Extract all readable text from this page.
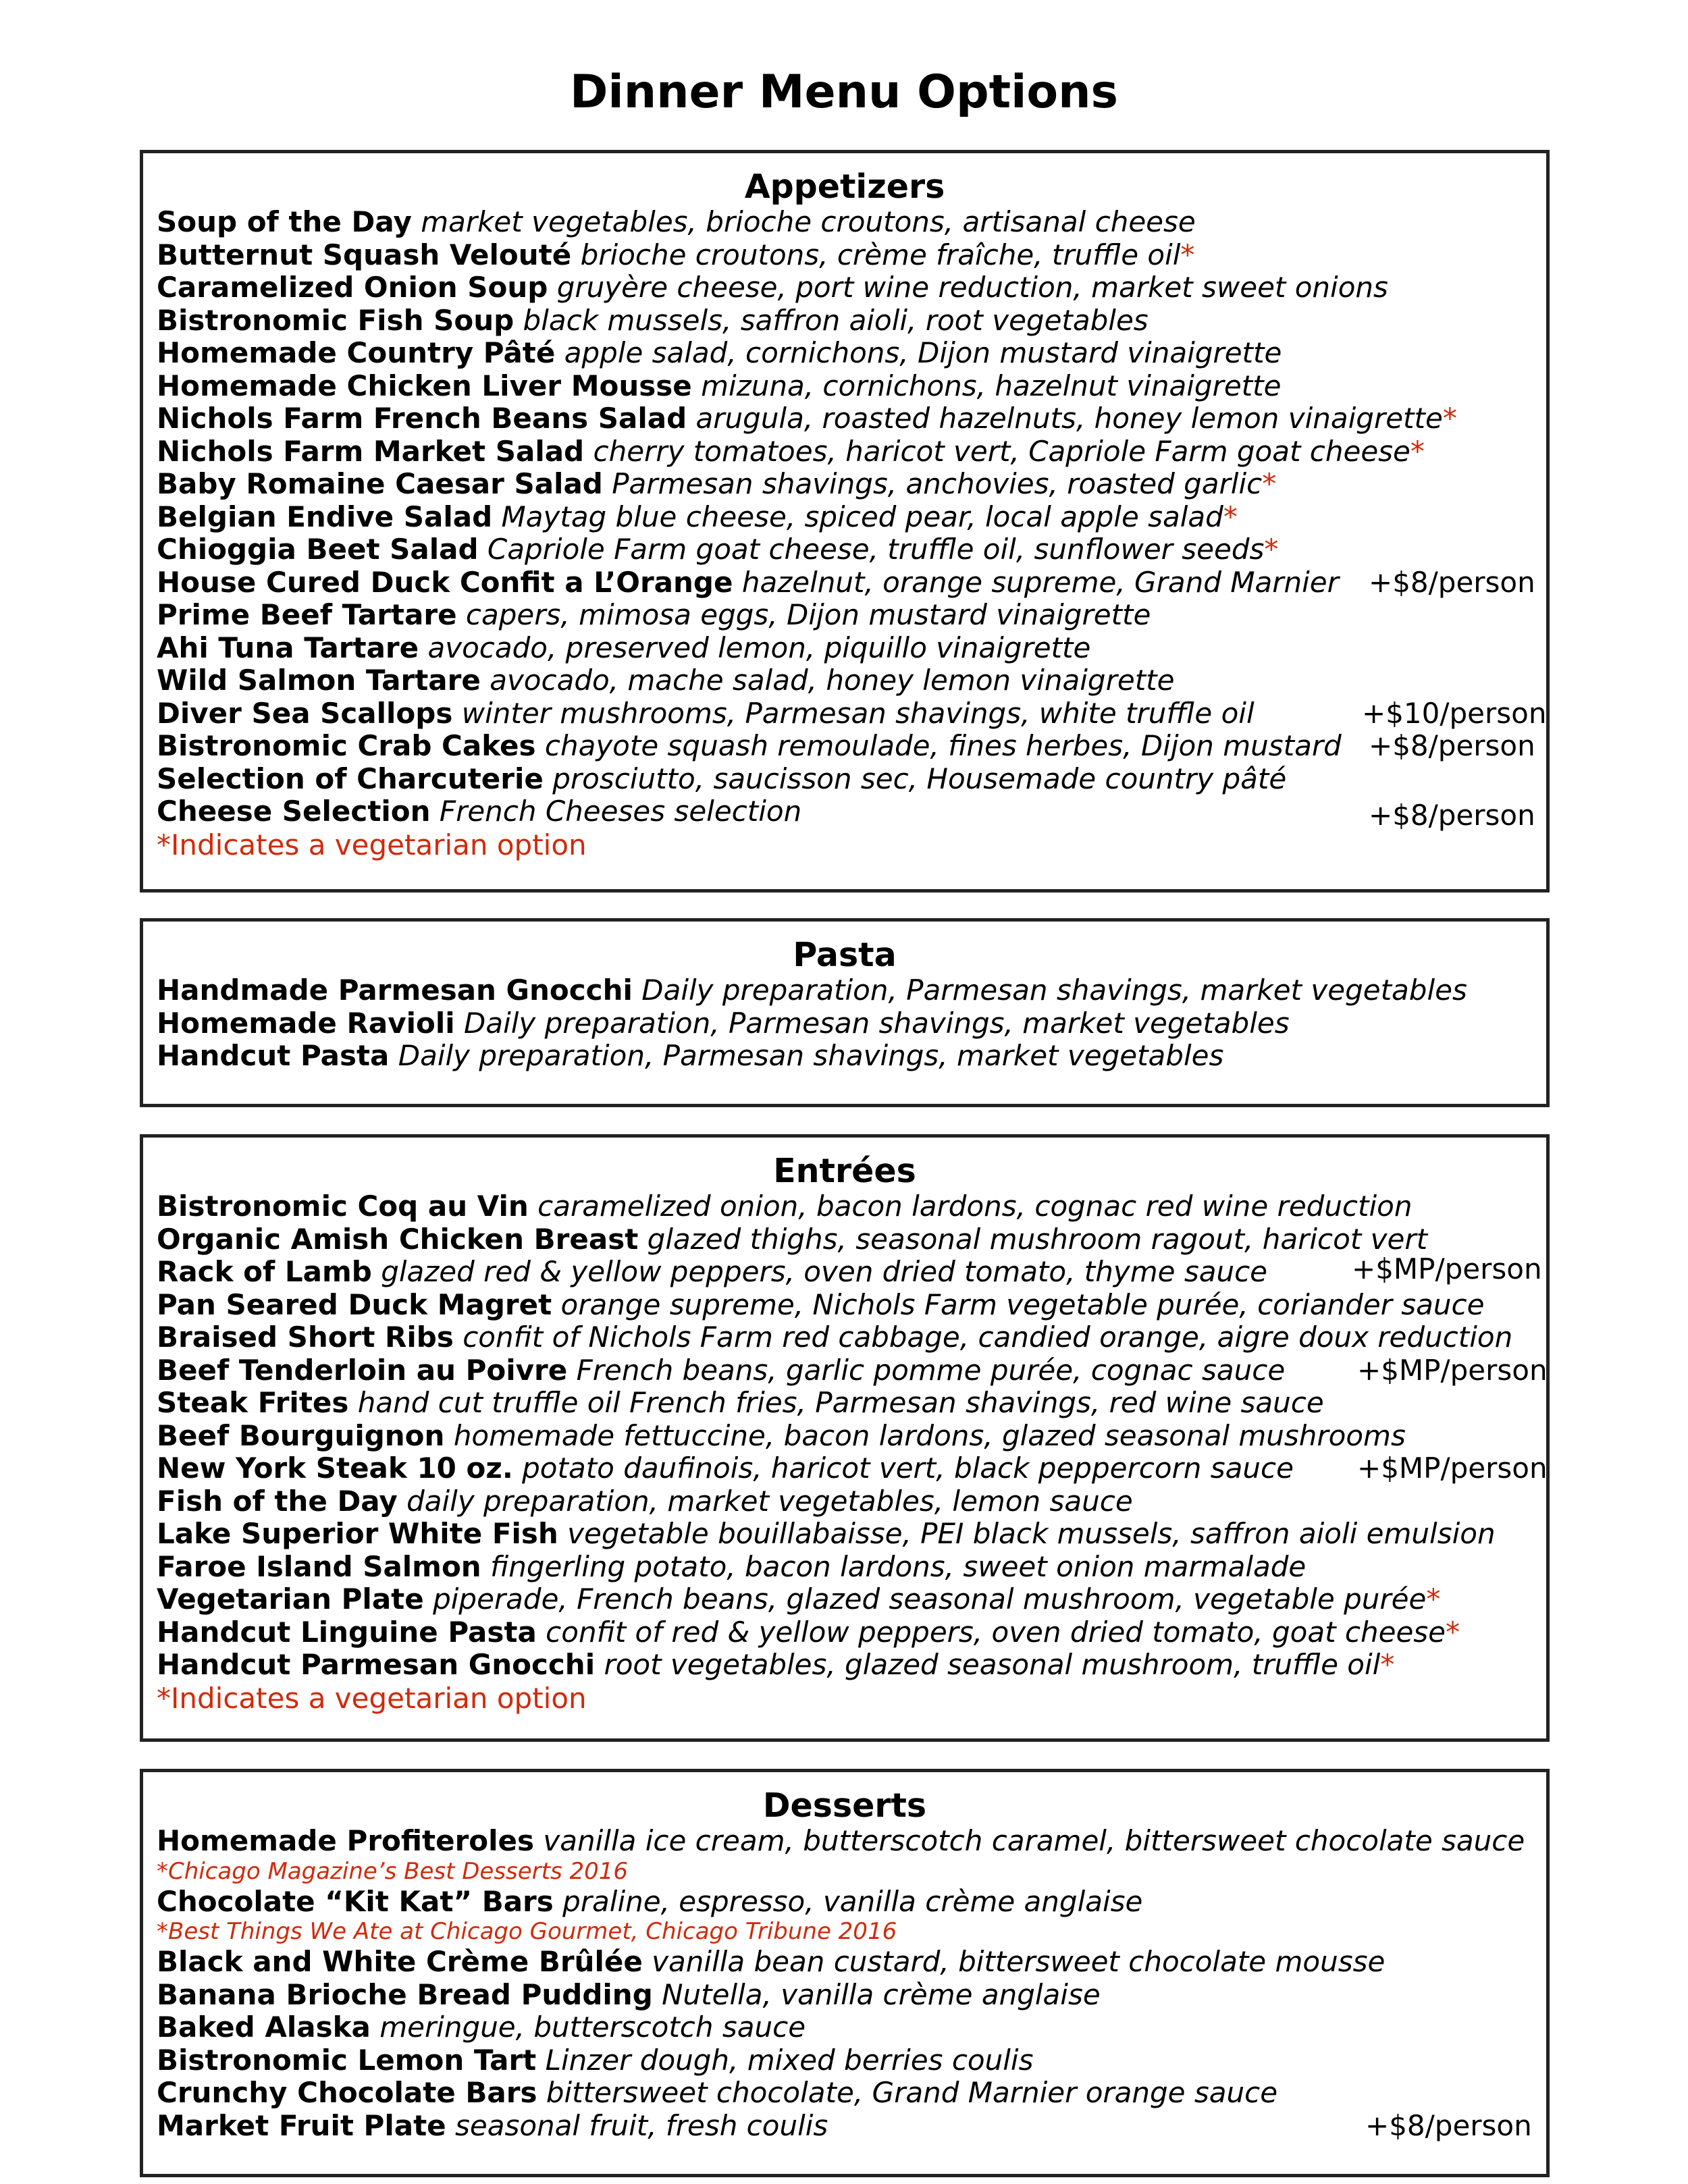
Dinner Menu Options
Appetizers
Soup of the Day market vegetables, brioche croutons, artisanal cheese
Butternut Squash Velouté brioche croutons, crème fraîche, truffle oil*
Caramelized Onion Soup gruyère cheese, port wine reduction, market sweet onions
Bistronomic Fish Soup black mussels, saffron aioli, root vegetables
Homemade Country Pâté apple salad, cornichons, Dijon mustard vinaigrette
Homemade Chicken Liver Mousse mizuna, cornichons, hazelnut vinaigrette
Nichols Farm French Beans Salad arugula, roasted hazelnuts, honey lemon vinaigrette*
Nichols Farm Market Salad cherry tomatoes, haricot vert, Capriole Farm goat cheese*
Baby Romaine Caesar Salad Parmesan shavings, anchovies, roasted garlic*
Belgian Endive Salad Maytag blue cheese, spiced pear, local apple salad*
Chioggia Beet Salad Capriole Farm goat cheese, truffle oil, sunflower seeds*
House Cured Duck Confit a L’Orange hazelnut, orange supreme, Grand Marnier +$8/person
Prime Beef Tartare capers, mimosa eggs, Dijon mustard vinaigrette
Ahi Tuna Tartare avocado, preserved lemon, piquillo vinaigrette
Wild Salmon Tartare avocado, mache salad, honey lemon vinaigrette
Diver Sea Scallops winter mushrooms, Parmesan shavings, white truffle oil	+$10/person
Bistronomic Crab Cakes chayote squash remoulade, fines herbes, Dijon mustard +$8/person
Selection of Charcuterie prosciutto, saucisson sec, Housemade country pâté
Cheese Selection French Cheeses selection	+$8/person
*Indicates a vegetarian option
Pasta
Handmade Parmesan Gnocchi Daily preparation, Parmesan shavings, market vegetables
Homemade Ravioli Daily preparation, Parmesan shavings, market vegetables
Handcut Pasta Daily preparation, Parmesan shavings, market vegetables
Entrées
Bistronomic Coq au Vin caramelized onion, bacon lardons, cognac red wine reduction
Organic Amish Chicken Breast glazed thighs, seasonal mushroom ragout, haricot vert
Rack of Lamb glazed red & yellow peppers, oven dried tomato, thyme sauce	+$MP/person
Pan Seared Duck Magret orange supreme, Nichols Farm vegetable purée, coriander sauce
Braised Short Ribs confit of Nichols Farm red cabbage, candied orange, aigre doux reduction
Beef Tenderloin au Poivre French beans, garlic pomme purée, cognac sauce	+$MP/person
Steak Frites hand cut truffle oil French fries, Parmesan shavings, red wine sauce
Beef Bourguignon homemade fettuccine, bacon lardons, glazed seasonal mushrooms
New York Steak 10 oz. potato daufinois, haricot vert, black peppercorn sauce +$MP/person
Fish of the Day daily preparation, market vegetables, lemon sauce
Lake Superior White Fish vegetable bouillabaisse, PEI black mussels, saffron aioli emulsion
Faroe Island Salmon fingerling potato, bacon lardons, sweet onion marmalade
Vegetarian Plate piperade, French beans, glazed seasonal mushroom, vegetable purée*
Handcut Linguine Pasta confit of red & yellow peppers, oven dried tomato, goat cheese*
Handcut Parmesan Gnocchi root vegetables, glazed seasonal mushroom, truffle oil*
*Indicates a vegetarian option
Desserts
Homemade Profiteroles vanilla ice cream, butterscotch caramel, bittersweet chocolate sauce
*Chicago Magazine’s Best Desserts 2016
Chocolate “Kit Kat” Bars praline, espresso, vanilla crème anglaise
*Best Things We Ate at Chicago Gourmet, Chicago Tribune 2016
Black and White Crème Brûlée vanilla bean custard, bittersweet chocolate mousse
Banana Brioche Bread Pudding Nutella, vanilla crème anglaise
Baked Alaska meringue, butterscotch sauce
Bistronomic Lemon Tart Linzer dough, mixed berries coulis
Crunchy Chocolate Bars bittersweet chocolate, Grand Marnier orange sauce
Market Fruit Plate seasonal fruit, fresh coulis	+$8/person
